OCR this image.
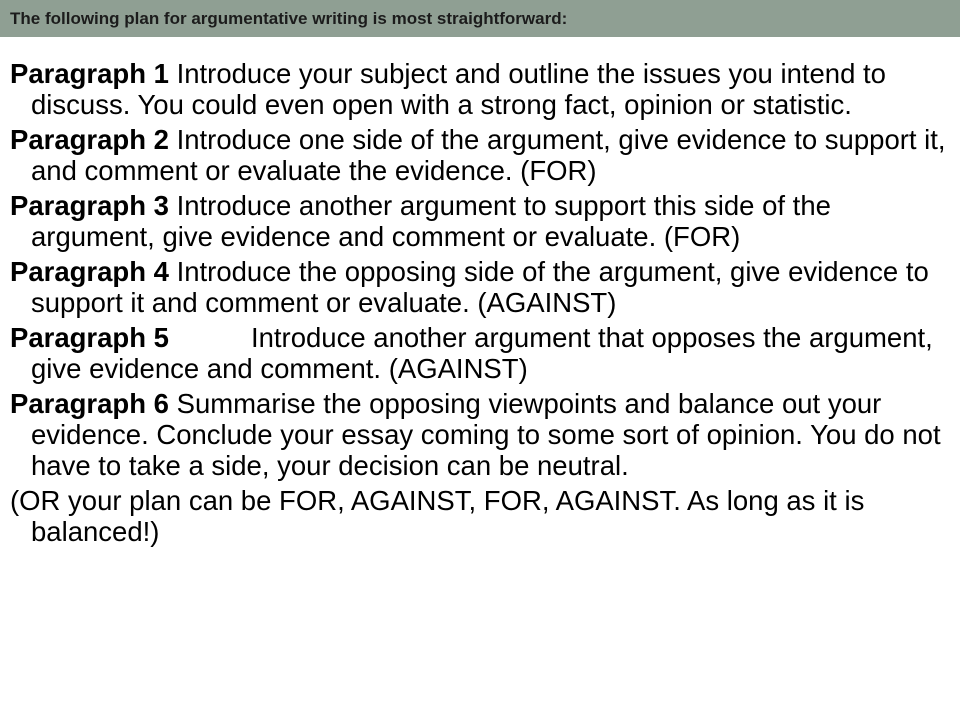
The following plan for argumentative writing is most straightforward:

Paragraph 1 Introduce your subject and outline the issues you intend to discuss. You could even open with a strong fact, opinion or statistic.

Paragraph 2 Introduce one side of the argument, give evidence to support it, and comment or evaluate the evidence. (FOR)

Paragraph 3 Introduce another argument to support this side of the argument, give evidence and comment or evaluate. (FOR)

Paragraph 4 Introduce the opposing side of the argument, give evidence to support it and comment or evaluate. (AGAINST)

Paragraph 5	Introduce another argument that opposes the argument, give evidence and comment. (AGAINST)

Paragraph 6 Summarise the opposing viewpoints and balance out your evidence. Conclude your essay coming to some sort of opinion. You do not have to take a side, your decision can be neutral.

(OR your plan can be FOR, AGAINST, FOR, AGAINST. As long as it is balanced!)
